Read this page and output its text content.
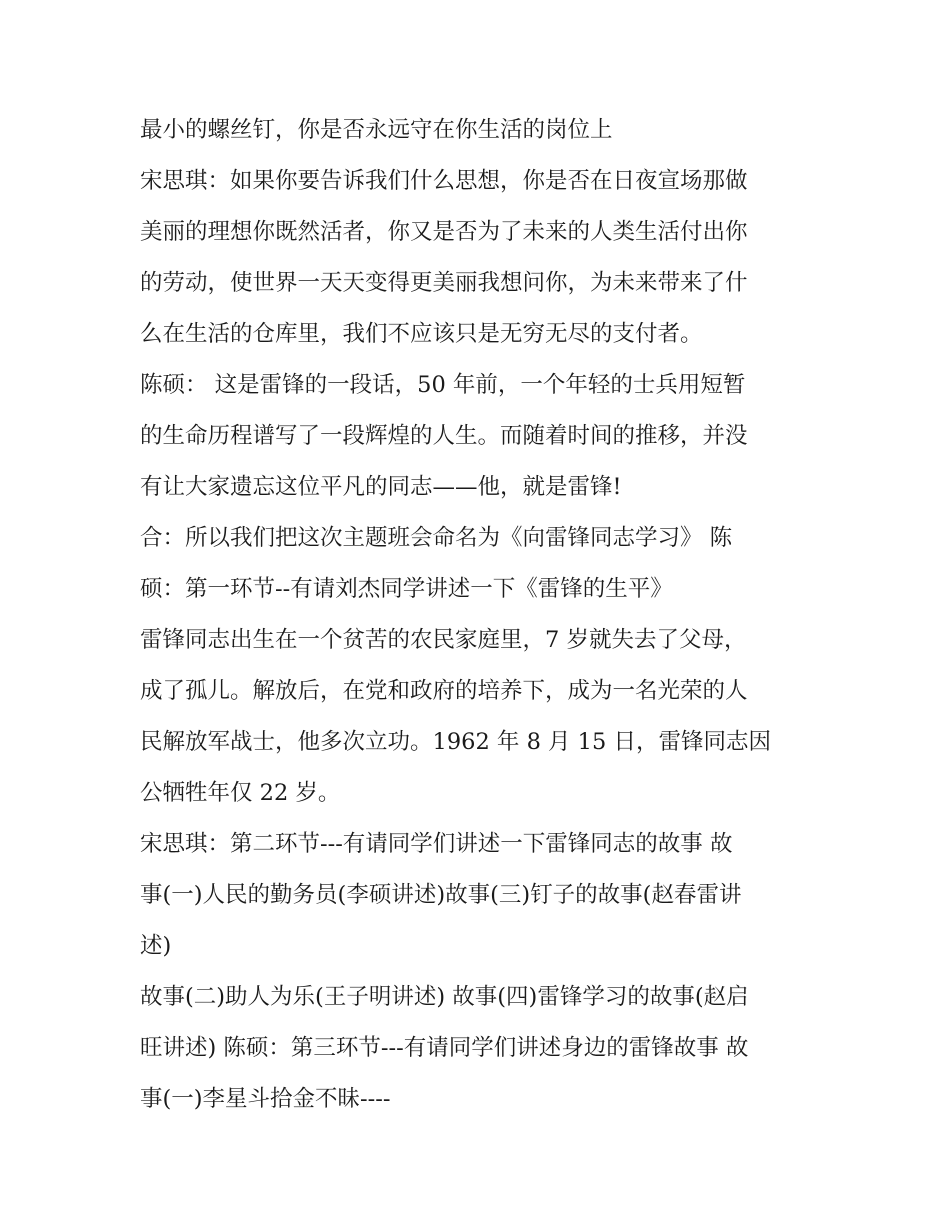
最小的螺丝钉，你是否永远守在你生活的岗位上
宋思琪：如果你要告诉我们什么思想，你是否在日夜宣场那做
美丽的理想你既然活者，你又是否为了未来的人类生活付出你
的劳动，使世界一天天变得更美丽我想问你，为未来带来了什
么在生活的仓库里，我们不应该只是无穷无尽的支付者。
陈硕： 这是雷锋的一段话，50 年前，一个年轻的士兵用短暂
的生命历程谱写了一段辉煌的人生。而随着时间的推移，并没
有让大家遗忘这位平凡的同志——他，就是雷锋!
合：所以我们把这次主题班会命名为《向雷锋同志学习》 陈
硕：第一环节--有请刘杰同学讲述一下《雷锋的生平》
雷锋同志出生在一个贫苦的农民家庭里，7 岁就失去了父母，
成了孤儿。解放后，在党和政府的培养下，成为一名光荣的人
民解放军战士，他多次立功。1962 年 8 月 15 日，雷锋同志因
公牺牲年仅 22 岁。
宋思琪：第二环节---有请同学们讲述一下雷锋同志的故事 故
事(一)人民的勤务员(李硕讲述)故事(三)钉子的故事(赵春雷讲
述)
故事(二)助人为乐(王子明讲述) 故事(四)雷锋学习的故事(赵启
旺讲述) 陈硕：第三环节---有请同学们讲述身边的雷锋故事 故
事(一)李星斗拾金不昧----
